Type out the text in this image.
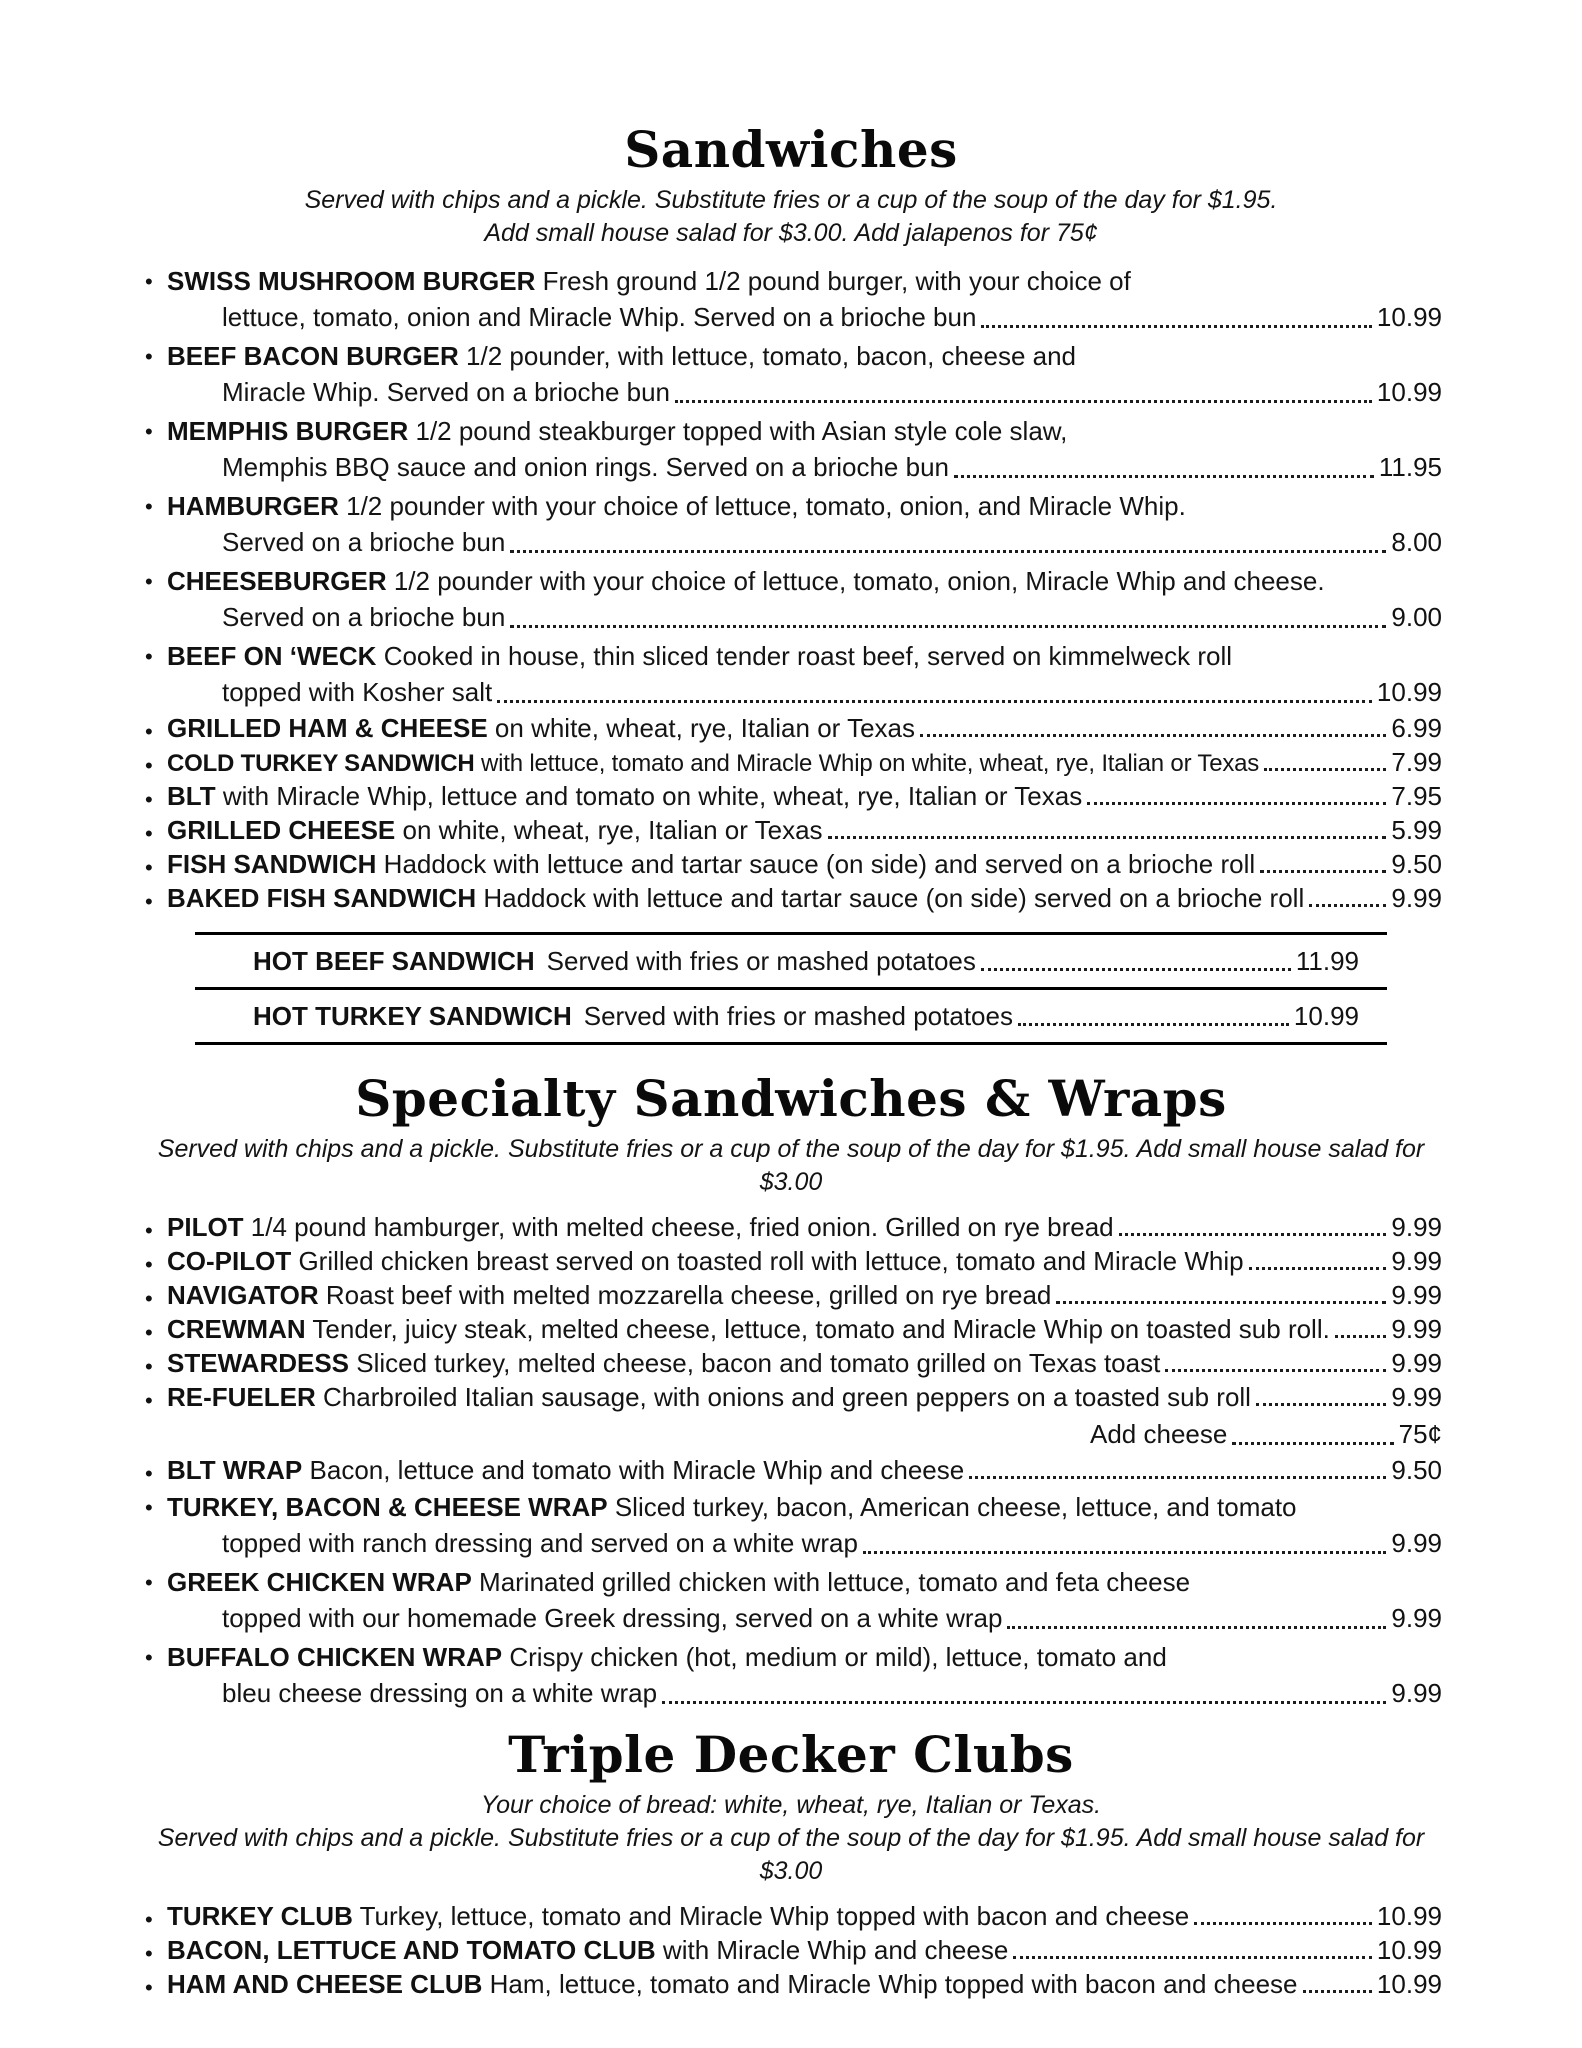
Sandwiches
Served with chips and a pickle. Substitute fries or a cup of the soup of the day for $1.95.
Add small house salad for $3.00. Add jalapenos for 75¢
• SWISS MUSHROOM BURGER Fresh ground 1/2 pound burger, with your choice of
lettuce, tomato, onion and Miracle Whip. Served on a brioche bun	10.99
• BEEF BACON BURGER 1/2 pounder, with lettuce, tomato, bacon, cheese and
Miracle Whip. Served on a brioche bun	10.99
• MEMPHIS BURGER 1/2 pound steakburger topped with Asian style cole slaw,
Memphis BBQ sauce and onion rings. Served on a brioche bun	11.95
• HAMBURGER 1/2 pounder with your choice of lettuce, tomato, onion, and Miracle Whip.
Served on a brioche bun	8.00
• CHEESEBURGER 1/2 pounder with your choice of lettuce, tomato, onion, Miracle Whip and cheese.
Served on a brioche bun	9.00
• BEEF ON ‘WECK Cooked in house, thin sliced tender roast beef, served on kimmelweck roll
topped with Kosher salt	10.99
• GRILLED HAM & CHEESE on white, wheat, rye, Italian or Texas	6.99
• COLD TURKEY SANDWICH with lettuce, tomato and Miracle Whip on white, wheat, rye, Italian or Texas	7.99
• BLT with Miracle Whip, lettuce and tomato on white, wheat, rye, Italian or Texas	7.95
• GRILLED CHEESE on white, wheat, rye, Italian or Texas	5.99
• FISH SANDWICH Haddock with lettuce and tartar sauce (on side) and served on a brioche roll	9.50
• BAKED FISH SANDWICH Haddock with lettuce and tartar sauce (on side) served on a brioche roll	9.99
HOT BEEF SANDWICH Served with fries or mashed potatoes	11.99
HOT TURKEY SANDWICH Served with fries or mashed potatoes	10.99
Specialty Sandwiches & Wraps
Served with chips and a pickle. Substitute fries or a cup of the soup of the day for $1.95. Add small house salad for $3.00
• PILOT 1/4 pound hamburger, with melted cheese, fried onion. Grilled on rye bread	9.99
• CO-PILOT Grilled chicken breast served on toasted roll with lettuce, tomato and Miracle Whip	9.99
• NAVIGATOR Roast beef with melted mozzarella cheese, grilled on rye bread	9.99
• CREWMAN Tender, juicy steak, melted cheese, lettuce, tomato and Miracle Whip on toasted sub roll. 9.99
• STEWARDESS Sliced turkey, melted cheese, bacon and tomato grilled on Texas toast	9.99
• RE-FUELER Charbroiled Italian sausage, with onions and green peppers on a toasted sub roll	9.99
Add cheese	75¢
• BLT WRAP Bacon, lettuce and tomato with Miracle Whip and cheese	9.50
• TURKEY, BACON & CHEESE WRAP Sliced turkey, bacon, American cheese, lettuce, and tomato
topped with ranch dressing and served on a white wrap	9.99
• GREEK CHICKEN WRAP Marinated grilled chicken with lettuce, tomato and feta cheese
topped with our homemade Greek dressing, served on a white wrap	9.99
• BUFFALO CHICKEN WRAP Crispy chicken (hot, medium or mild), lettuce, tomato and
bleu cheese dressing on a white wrap	9.99
Triple Decker Clubs
Your choice of bread: white, wheat, rye, Italian or Texas.
Served with chips and a pickle. Substitute fries or a cup of the soup of the day for $1.95. Add small house salad for $3.00
• TURKEY CLUB Turkey, lettuce, tomato and Miracle Whip topped with bacon and cheese	10.99
• BACON, LETTUCE AND TOMATO CLUB with Miracle Whip and cheese	10.99
• HAM AND CHEESE CLUB Ham, lettuce, tomato and Miracle Whip topped with bacon and cheese	10.99
